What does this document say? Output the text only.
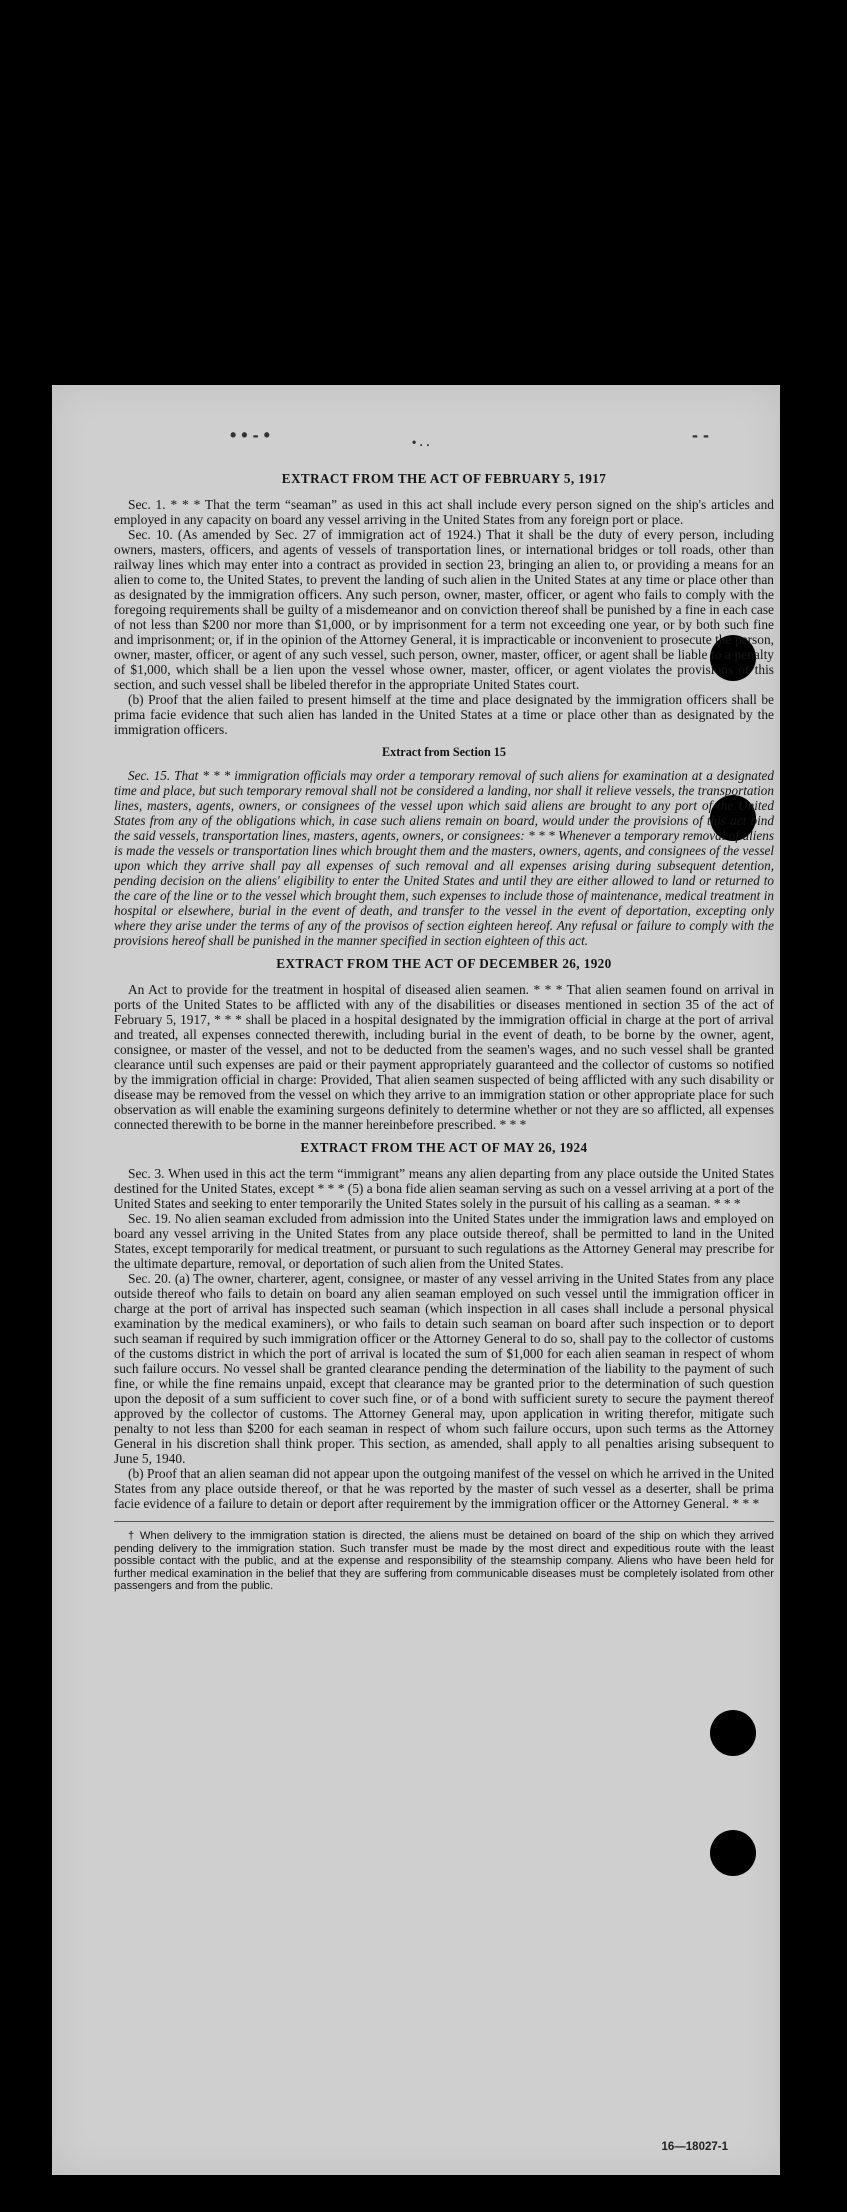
• • - •	• . .	- -
EXTRACT FROM THE ACT OF FEBRUARY 5, 1917

Sec. 1. * * * That the term “seaman” as used in this act shall include every person signed on the ship's articles and employed in any capacity on board any vessel arriving in the United States from any foreign port or place.

Sec. 10. (As amended by Sec. 27 of immigration act of 1924.) That it shall be the duty of every person, including owners, masters, officers, and agents of vessels of transportation lines, or international bridges or toll roads, other than railway lines which may enter into a contract as provided in section 23, bringing an alien to, or providing a means for an alien to come to, the United States, to prevent the landing of such alien in the United States at any time or place other than as designated by the immigration officers. Any such person, owner, master, officer, or agent who fails to comply with the foregoing requirements shall be guilty of a misdemeanor and on conviction thereof shall be punished by a fine in each case of not less than $200 nor more than $1,000, or by imprisonment for a term not exceeding one year, or by both such fine and imprisonment; or, if in the opinion of the Attorney General, it is impracticable or inconvenient to prosecute the person, owner, master, officer, or agent of any such vessel, such person, owner, master, officer, or agent shall be liable to a penalty of $1,000, which shall be a lien upon the vessel whose owner, master, officer, or agent violates the provisions of this section, and such vessel shall be libeled therefor in the appropriate United States court.

(b) Proof that the alien failed to present himself at the time and place designated by the immigration officers shall be prima facie evidence that such alien has landed in the United States at a time or place other than as designated by the immigration officers.

Extract from Section 15

Sec. 15. That * * * immigration officials may order a temporary removal of such aliens for examination at a designated time and place, but such temporary removal shall not be considered a landing, nor shall it relieve vessels, the transportation lines, masters, agents, owners, or consignees of the vessel upon which said aliens are brought to any port of the United States from any of the obligations which, in case such aliens remain on board, would under the provisions of this act bind the said vessels, transportation lines, masters, agents, owners, or consignees: * * * Whenever a temporary removal of aliens is made the vessels or transportation lines which brought them and the masters, owners, agents, and consignees of the vessel upon which they arrive shall pay all expenses of such removal and all expenses arising during subsequent detention, pending decision on the aliens' eligibility to enter the United States and until they are either allowed to land or returned to the care of the line or to the vessel which brought them, such expenses to include those of maintenance, medical treatment in hospital or elsewhere, burial in the event of death, and transfer to the vessel in the event of deportation, excepting only where they arise under the terms of any of the provisos of section eighteen hereof. Any refusal or failure to comply with the provisions hereof shall be punished in the manner specified in section eighteen of this act.

EXTRACT FROM THE ACT OF DECEMBER 26, 1920

An Act to provide for the treatment in hospital of diseased alien seamen. * * * That alien seamen found on arrival in ports of the United States to be afflicted with any of the disabilities or diseases mentioned in section 35 of the act of February 5, 1917, * * * shall be placed in a hospital designated by the immigration official in charge at the port of arrival and treated, all expenses connected therewith, including burial in the event of death, to be borne by the owner, agent, consignee, or master of the vessel, and not to be deducted from the seamen's wages, and no such vessel shall be granted clearance until such expenses are paid or their payment appropriately guaranteed and the collector of customs so notified by the immigration official in charge: Provided, That alien seamen suspected of being afflicted with any such disability or disease may be removed from the vessel on which they arrive to an immigration station or other appropriate place for such observation as will enable the examining surgeons definitely to determine whether or not they are so afflicted, all expenses connected therewith to be borne in the manner hereinbefore prescribed. * * *

EXTRACT FROM THE ACT OF MAY 26, 1924

Sec. 3. When used in this act the term “immigrant” means any alien departing from any place outside the United States destined for the United States, except * * * (5) a bona fide alien seaman serving as such on a vessel arriving at a port of the United States and seeking to enter temporarily the United States solely in the pursuit of his calling as a seaman. * * *

Sec. 19. No alien seaman excluded from admission into the United States under the immigration laws and employed on board any vessel arriving in the United States from any place outside thereof, shall be permitted to land in the United States, except temporarily for medical treatment, or pursuant to such regulations as the Attorney General may prescribe for the ultimate departure, removal, or deportation of such alien from the United States.

Sec. 20. (a) The owner, charterer, agent, consignee, or master of any vessel arriving in the United States from any place outside thereof who fails to detain on board any alien seaman employed on such vessel until the immigration officer in charge at the port of arrival has inspected such seaman (which inspection in all cases shall include a personal physical examination by the medical examiners), or who fails to detain such seaman on board after such inspection or to deport such seaman if required by such immigration officer or the Attorney General to do so, shall pay to the collector of customs of the customs district in which the port of arrival is located the sum of $1,000 for each alien seaman in respect of whom such failure occurs. No vessel shall be granted clearance pending the determination of the liability to the payment of such fine, or while the fine remains unpaid, except that clearance may be granted prior to the determination of such question upon the deposit of a sum sufficient to cover such fine, or of a bond with sufficient surety to secure the payment thereof approved by the collector of customs. The Attorney General may, upon application in writing therefor, mitigate such penalty to not less than $200 for each seaman in respect of whom such failure occurs, upon such terms as the Attorney General in his discretion shall think proper. This section, as amended, shall apply to all penalties arising subsequent to June 5, 1940.

(b) Proof that an alien seaman did not appear upon the outgoing manifest of the vessel on which he arrived in the United States from any place outside thereof, or that he was reported by the master of such vessel as a deserter, shall be prima facie evidence of a failure to detain or deport after requirement by the immigration officer or the Attorney General. * * *

† When delivery to the immigration station is directed, the aliens must be detained on board of the ship on which they arrived pending delivery to the immigration station. Such transfer must be made by the most direct and expeditious route with the least possible contact with the public, and at the expense and responsibility of the steamship company. Aliens who have been held for further medical examination in the belief that they are suffering from communicable diseases must be completely isolated from other passengers and from the public.

16—18027-1
